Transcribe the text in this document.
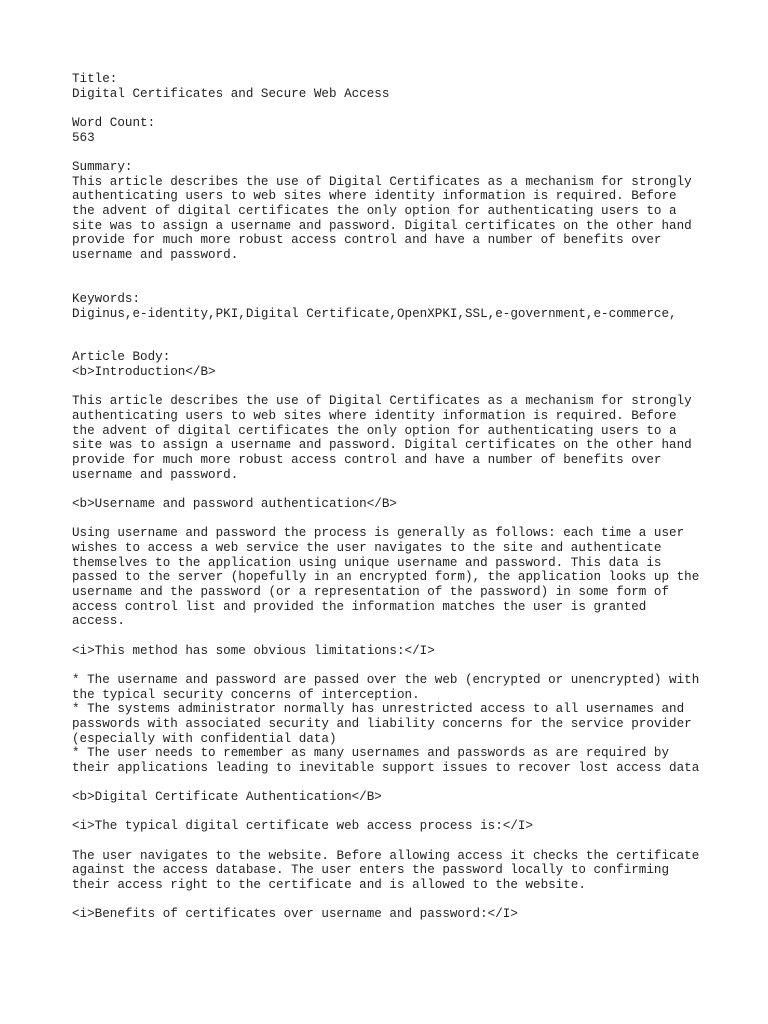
Title:
Digital Certificates and Secure Web Access
Word Count:
563
Summary:
This article describes the use of Digital Certificates as a mechanism for strongly
authenticating users to web sites where identity information is required. Before
the advent of digital certificates the only option for authenticating users to a
site was to assign a username and password. Digital certificates on the other hand
provide for much more robust access control and have a number of benefits over
username and password.
Keywords:
Diginus,e-identity,PKI,Digital Certificate,OpenXPKI,SSL,e-government,e-commerce,
Article Body:
<b>Introduction</B>
This article describes the use of Digital Certificates as a mechanism for strongly
authenticating users to web sites where identity information is required. Before
the advent of digital certificates the only option for authenticating users to a
site was to assign a username and password. Digital certificates on the other hand
provide for much more robust access control and have a number of benefits over
username and password.
<b>Username and password authentication</B>
Using username and password the process is generally as follows: each time a user
wishes to access a web service the user navigates to the site and authenticate
themselves to the application using unique username and password. This data is
passed to the server (hopefully in an encrypted form), the application looks up the
username and the password (or a representation of the password) in some form of
access control list and provided the information matches the user is granted
access.
<i>This method has some obvious limitations:</I>
* The username and password are passed over the web (encrypted or unencrypted) with
the typical security concerns of interception.
* The systems administrator normally has unrestricted access to all usernames and
passwords with associated security and liability concerns for the service provider
(especially with confidential data)
* The user needs to remember as many usernames and passwords as are required by
their applications leading to inevitable support issues to recover lost access data
<b>Digital Certificate Authentication</B>
<i>The typical digital certificate web access process is:</I>
The user navigates to the website. Before allowing access it checks the certificate
against the access database. The user enters the password locally to confirming
their access right to the certificate and is allowed to the website.
<i>Benefits of certificates over username and password:</I>
